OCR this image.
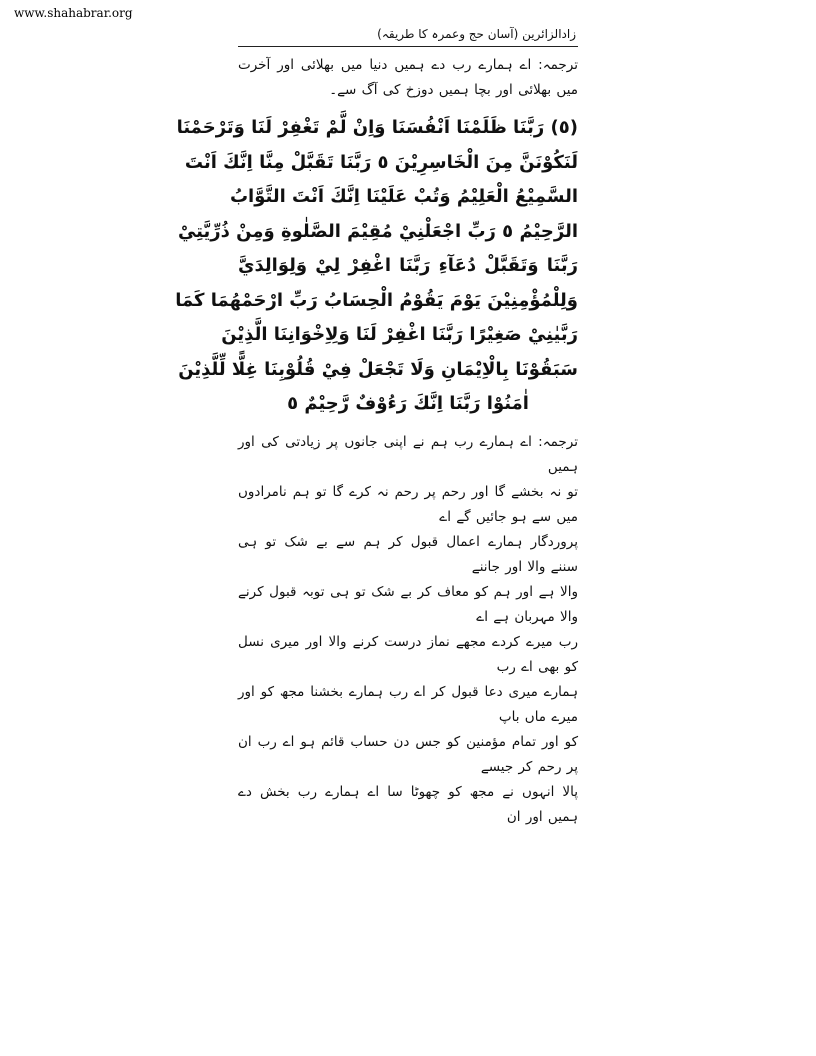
www.shahabrar.org
زادالزائرین (آسان حج وعمرہ کا طریقہ)
ترجمہ: اے ہمارے رب دے ہمیں دنیا میں بھلائی اور آخرت میں بھلائی اور بچا ہمیں دوزخ کی آگ سے۔
(٥) رَبَّنَا ظَلَمْنَا اَنْفُسَنَا وَاِنْ لَّمْ تَغْفِرْ لَنَا وَتَرْحَمْنَا
لَنَكُوْنَنَّ مِنَ الْخَاسِرِيْنَ ٥ رَبَّنَا تَقَبَّلْ مِنَّا اِنَّكَ اَنْتَ
السَّمِيْعُ الْعَلِيْمُ وَتُبْ عَلَيْنَا اِنَّكَ اَنْتَ التَّوَّابُ
الرَّحِيْمُ ٥ رَبِّ اجْعَلْنِيْ مُقِيْمَ الصَّلٰوةِ وَمِنْ ذُرِّيَّتِيْ
رَبَّنَا وَتَقَبَّلْ دُعَآءِ رَبَّنَا اغْفِرْ لِيْ وَلِوَالِدَيَّ
وَلِلْمُؤْمِنِيْنَ يَوْمَ يَقُوْمُ الْحِسَابُ رَبِّ ارْحَمْهُمَا كَمَا
رَبَّيٰنِيْ صَغِيْرًا رَبَّنَا اغْفِرْ لَنَا وَلِاِخْوَانِنَا الَّذِيْنَ
سَبَقُوْنَا بِالْاِيْمَانِ وَلَا تَجْعَلْ فِيْ قُلُوْبِنَا غِلًّا لِّلَّذِيْنَ
اٰمَنُوْا رَبَّنَا اِنَّكَ رَءُوْفٌ رَّحِيْمٌ ٥
ترجمہ: اے ہمارے رب ہم نے اپنی جانوں پر زیادتی کی اور ہمیں
تو نہ بخشے گا اور رحم پر رحم نہ کرے گا تو ہم نامرادوں میں سے ہو جائیں گے اے
پروردگار ہمارے اعمال قبول کر ہم سے بے شک تو ہی سننے والا اور جاننے
والا ہے اور ہم کو معاف کر بے شک تو ہی توبہ قبول کرنے والا مہربان ہے اے
رب میرے کردے مجھے نماز درست کرنے والا اور میری نسل کو بھی اے رب
ہمارے میری دعا قبول کر اے رب ہمارے بخشنا مجھ کو اور میرے ماں باپ
کو اور تمام مؤمنین کو جس دن حساب قائم ہو اے رب ان پر رحم کر جیسے
پالا انہوں نے مجھ کو چھوٹا سا اے ہمارے رب بخش دے ہمیں اور ان
